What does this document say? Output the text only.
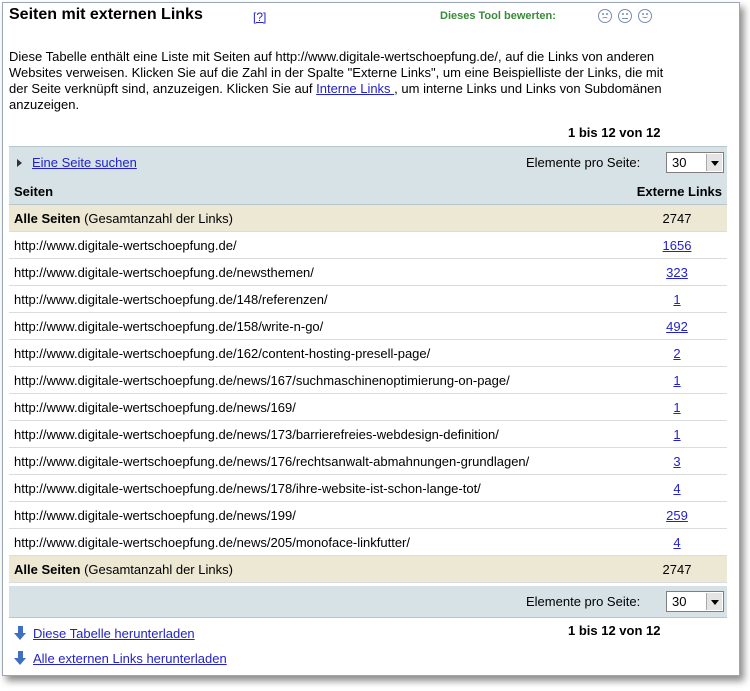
Seiten mit externen Links	[?]	Dieses Tool bewerten:
Diese Tabelle enthält eine Liste mit Seiten auf http://www.digitale-wertschoepfung.de/, auf die Links von anderen Websites verweisen. Klicken Sie auf die Zahl in der Spalte "Externe Links", um eine Beispielliste der Links, die mit der Seite verknüpft sind, anzuzeigen. Klicken Sie auf Interne Links , um interne Links und Links von Subdomänen anzuzeigen.
1 bis 12 von 12
Eine Seite suchen	Elemente pro Seite: 30
Seiten	Externe Links
Alle Seiten (Gesamtanzahl der Links)	2747
http://www.digitale-wertschoepfung.de/	1656
http://www.digitale-wertschoepfung.de/newsthemen/	323
http://www.digitale-wertschoepfung.de/148/referenzen/	1
http://www.digitale-wertschoepfung.de/158/write-n-go/	492
http://www.digitale-wertschoepfung.de/162/content-hosting-presell-page/	2
http://www.digitale-wertschoepfung.de/news/167/suchmaschinenoptimierung-on-page/	1
http://www.digitale-wertschoepfung.de/news/169/	1
http://www.digitale-wertschoepfung.de/news/173/barrierefreies-webdesign-definition/	1
http://www.digitale-wertschoepfung.de/news/176/rechtsanwalt-abmahnungen-grundlagen/	3
http://www.digitale-wertschoepfung.de/news/178/ihre-website-ist-schon-lange-tot/	4
http://www.digitale-wertschoepfung.de/news/199/	259
http://www.digitale-wertschoepfung.de/news/205/monoface-linkfutter/	4
Alle Seiten (Gesamtanzahl der Links)	2747
Elemente pro Seite: 30
Diese Tabelle herunterladen	1 bis 12 von 12
Alle externen Links herunterladen
